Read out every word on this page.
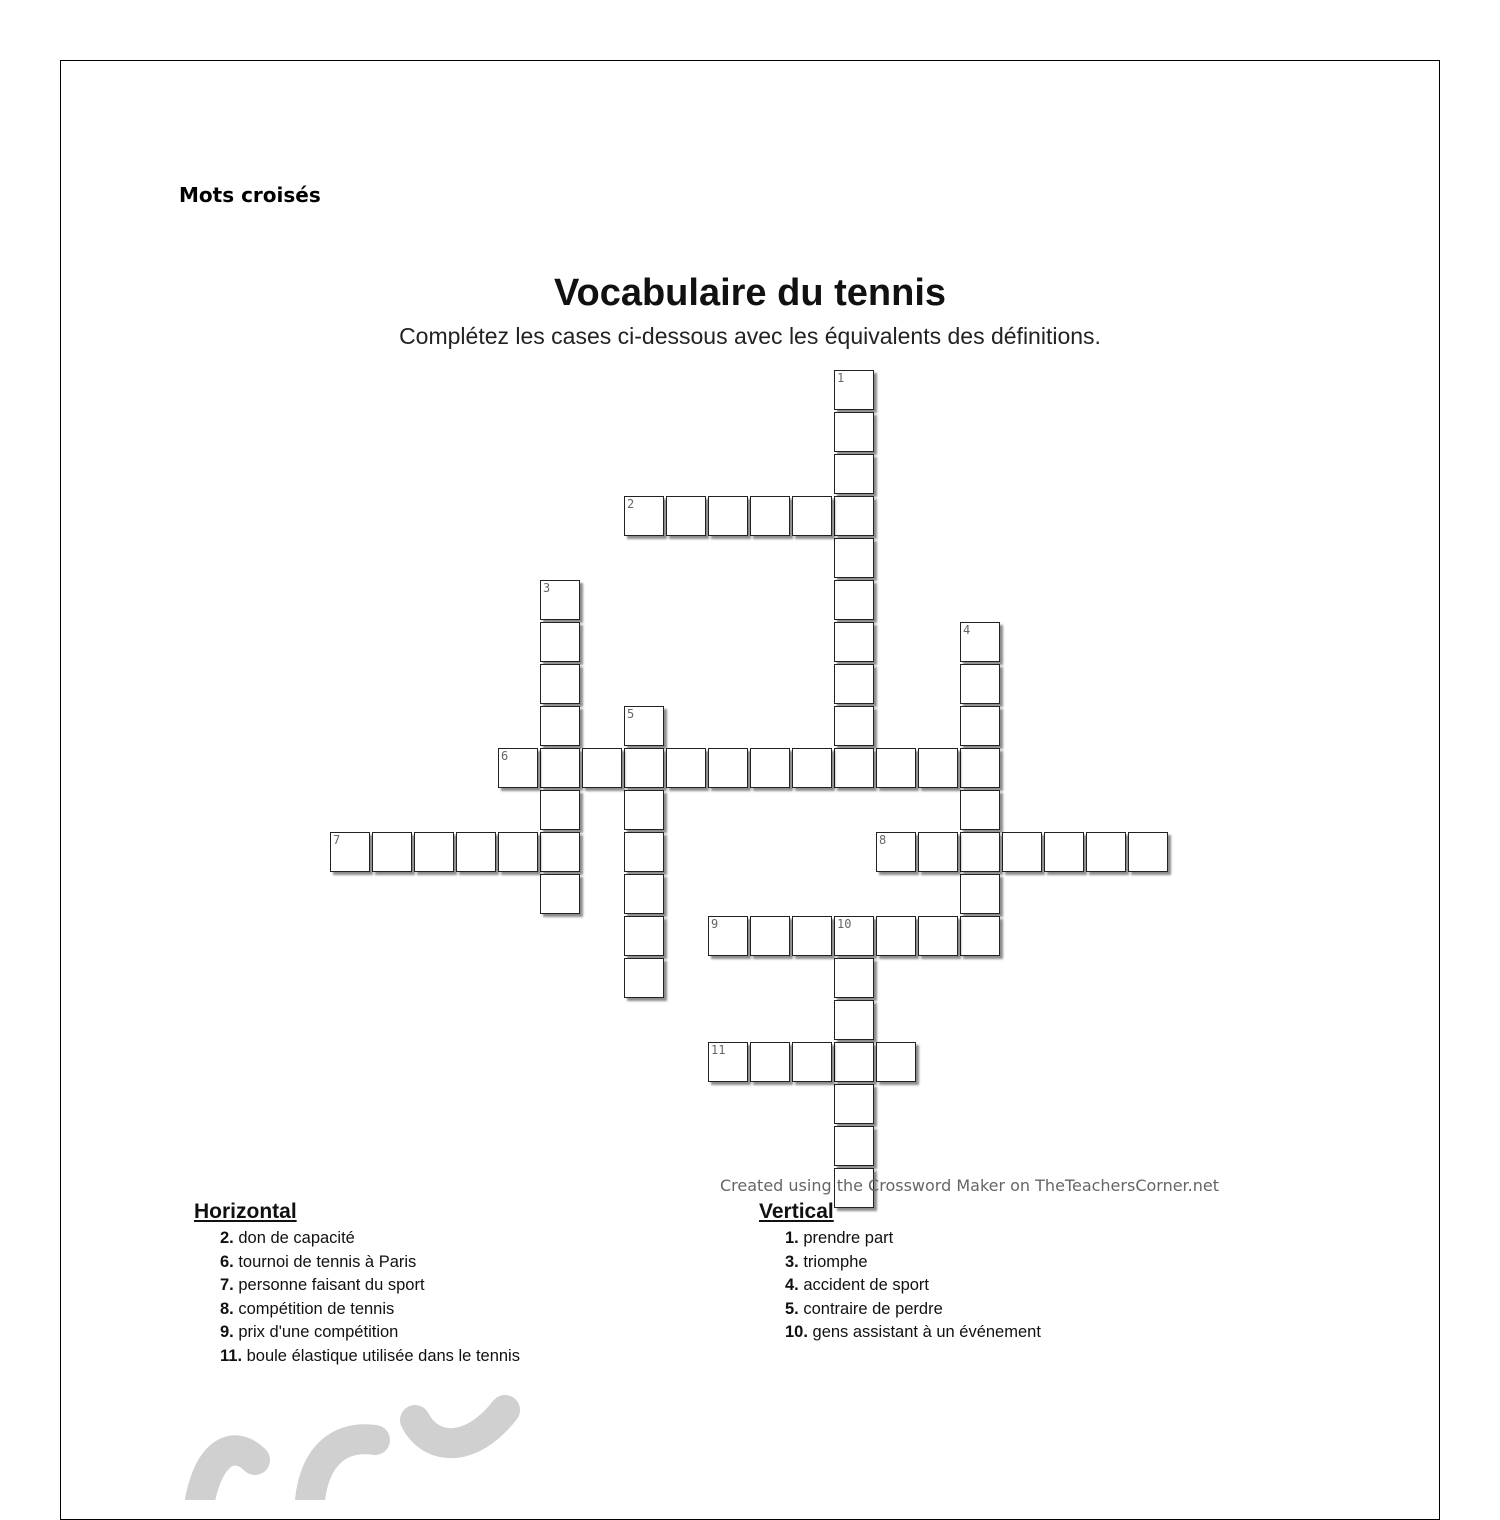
Mots croisés
Vocabulaire du tennis
Complétez les cases ci-dessous avec les équivalents des définitions.
1
2
3
4
5
6
7	8
9	10
11
Created using the Crossword Maker on TheTeachersCorner.net
Horizontal
2. don de capacité
6. tournoi de tennis à Paris
7. personne faisant du sport
8. compétition de tennis
9. prix d'une compétition
11. boule élastique utilisée dans le tennis
Vertical
1. prendre part
3. triomphe
4. accident de sport
5. contraire de perdre
10. gens assistant à un événement
